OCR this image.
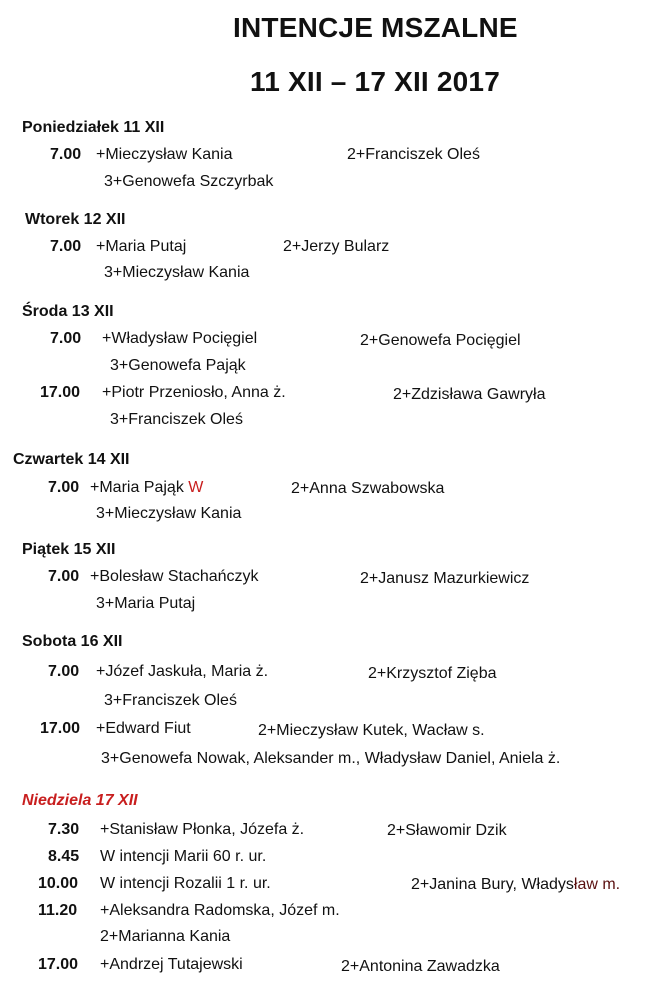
INTENCJE MSZALNE
11 XII – 17 XII 2017
Poniedziałek 11 XII
7.00 +Mieczysław Kania	2+Franciszek Oleś
3+Genowefa Szczyrbak
Wtorek 12 XII
7.00 +Maria Putaj	2+Jerzy Bularz
3+Mieczysław Kania
Środa 13 XII
7.00 +Władysław Pocięgiel	2+Genowefa Pocięgiel
3+Genowefa Pająk
17.00 +Piotr Przeniosło, Anna ż.	2+Zdzisława Gawryła
3+Franciszek Oleś
Czwartek 14 XII
7.00 +Maria Pająk W	2+Anna Szwabowska
3+Mieczysław Kania
Piątek 15 XII
7.00 +Bolesław Stachańczyk	2+Janusz Mazurkiewicz
3+Maria Putaj
Sobota 16 XII
7.00 +Józef Jaskuła, Maria ż.	2+Krzysztof Zięba
3+Franciszek Oleś
17.00 +Edward Fiut	2+Mieczysław Kutek, Wacław s.
3+Genowefa Nowak, Aleksander m., Władysław Daniel, Aniela ż.
Niedziela 17 XII
7.30 +Stanisław Płonka, Józefa ż.	2+Sławomir Dzik
8.45 W intencji Marii 60 r. ur.
10.00 W intencji Rozalii 1 r. ur.	2+Janina Bury, Władysław m.
11.20 +Aleksandra Radomska, Józef m.
2+Marianna Kania
17.00 +Andrzej Tutajewski	2+Antonina Zawadzka
